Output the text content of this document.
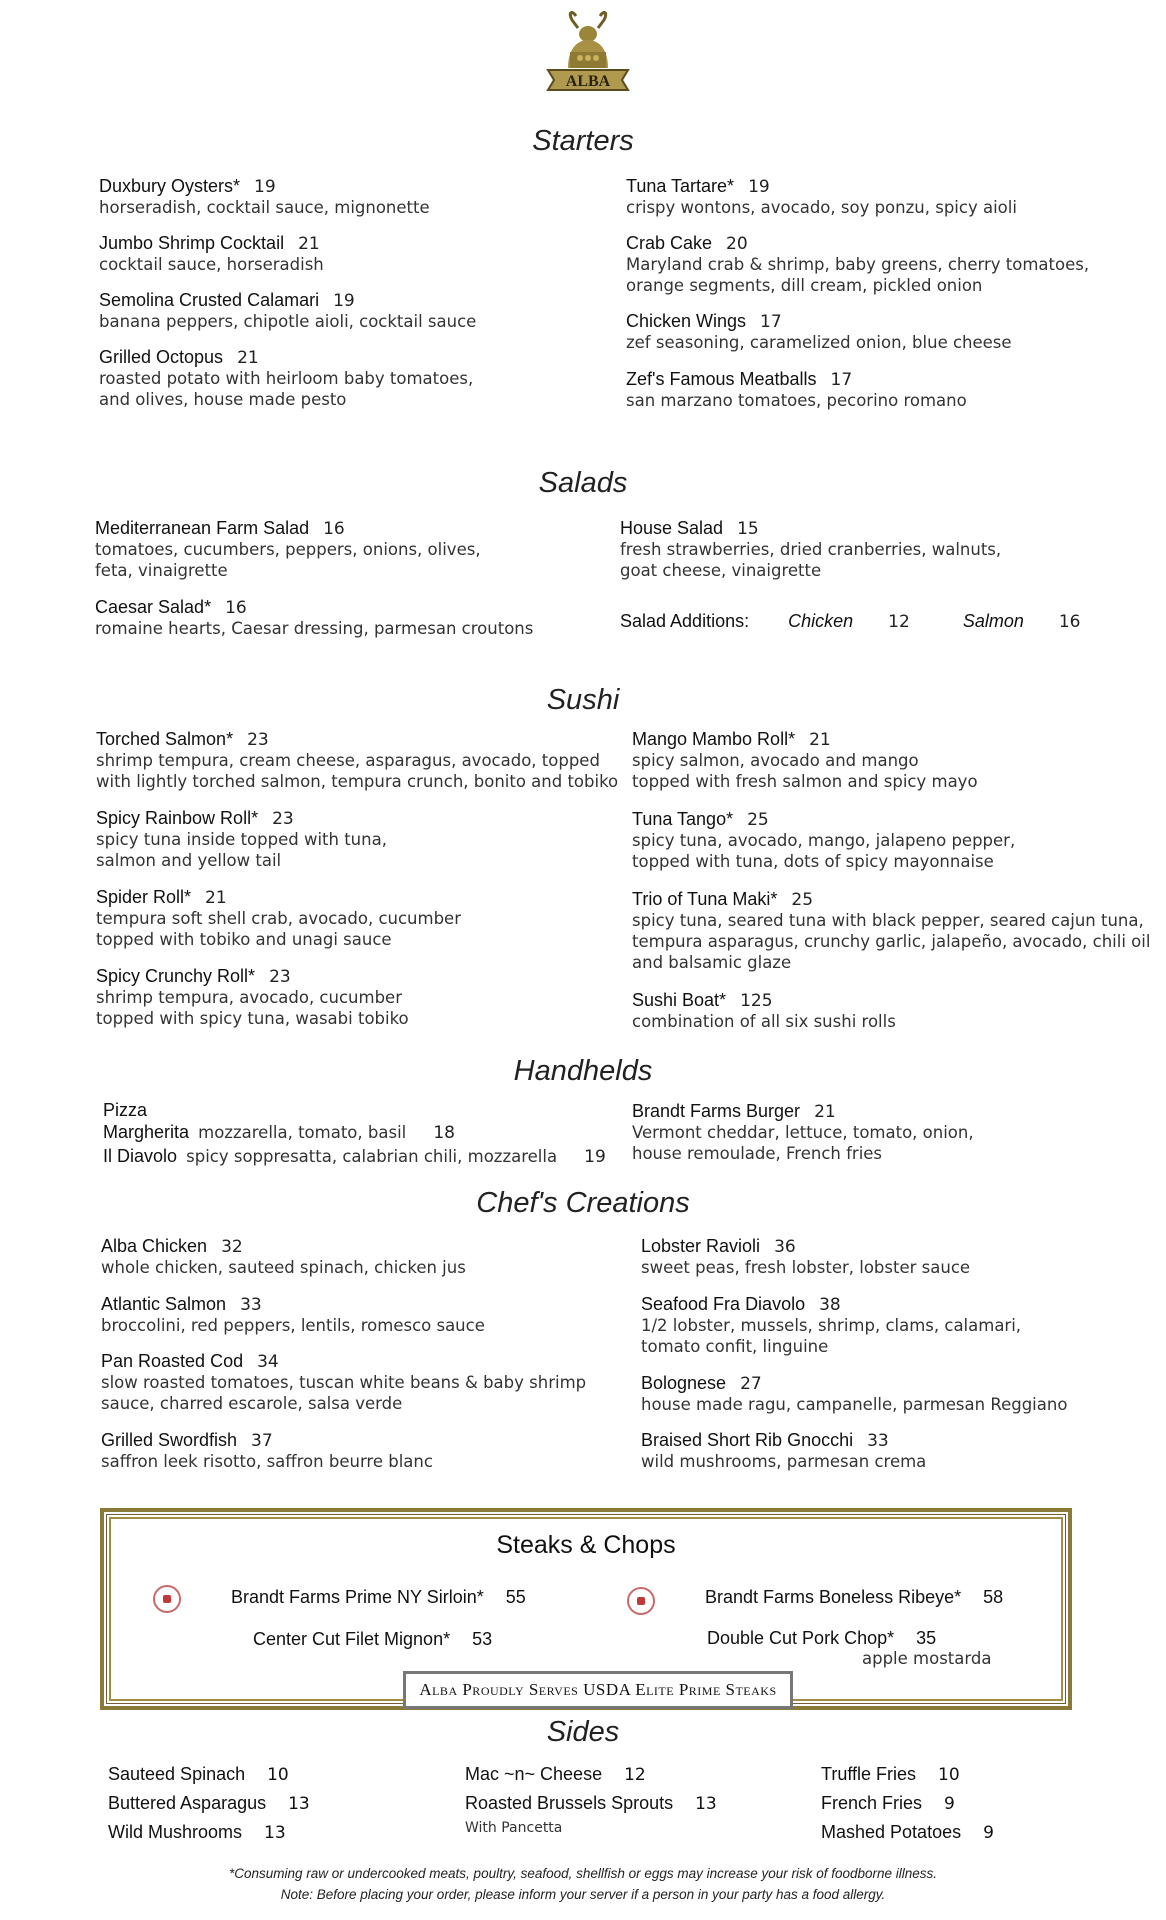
ALBA
Starters
Duxbury Oysters* 19
horseradish, cocktail sauce, mignonette
Jumbo Shrimp Cocktail 21
cocktail sauce, horseradish
Semolina Crusted Calamari 19
banana peppers, chipotle aioli, cocktail sauce
Grilled Octopus 21
roasted potato with heirloom baby tomatoes,
and olives, house made pesto
Tuna Tartare* 19
crispy wontons, avocado, soy ponzu, spicy aioli
Crab Cake 20
Maryland crab & shrimp, baby greens, cherry tomatoes,
orange segments, dill cream, pickled onion
Chicken Wings 17
zef seasoning, caramelized onion, blue cheese
Zef's Famous Meatballs 17
san marzano tomatoes, pecorino romano
Salads
Mediterranean Farm Salad 16
tomatoes, cucumbers, peppers, onions, olives,
feta, vinaigrette
Caesar Salad* 16
romaine hearts, Caesar dressing, parmesan croutons
House Salad 15
fresh strawberries, dried cranberries, walnuts,
goat cheese, vinaigrette
Salad Additions: Chicken 12	Salmon 16
Sushi
Torched Salmon* 23
shrimp tempura, cream cheese, asparagus, avocado, topped
with lightly torched salmon, tempura crunch, bonito and tobiko
Spicy Rainbow Roll* 23
spicy tuna inside topped with tuna,
salmon and yellow tail
Spider Roll* 21
tempura soft shell crab, avocado, cucumber
topped with tobiko and unagi sauce
Spicy Crunchy Roll* 23
shrimp tempura, avocado, cucumber
topped with spicy tuna, wasabi tobiko
Mango Mambo Roll* 21
spicy salmon, avocado and mango
topped with fresh salmon and spicy mayo
Tuna Tango* 25
spicy tuna, avocado, mango, jalapeno pepper,
topped with tuna, dots of spicy mayonnaise
Trio of Tuna Maki* 25
spicy tuna, seared tuna with black pepper, seared cajun tuna,
tempura asparagus, crunchy garlic, jalapeño, avocado, chili oil
and balsamic glaze
Sushi Boat* 125
combination of all six sushi rolls
Handhelds
Pizza
Margherita mozzarella, tomato, basil 18
Il Diavolo spicy soppresatta, calabrian chili, mozzarella 19
Brandt Farms Burger 21
Vermont cheddar, lettuce, tomato, onion,
house remoulade, French fries
Chef's Creations
Alba Chicken 32
whole chicken, sauteed spinach, chicken jus
Atlantic Salmon 33
broccolini, red peppers, lentils, romesco sauce
Pan Roasted Cod 34
slow roasted tomatoes, tuscan white beans & baby shrimp
sauce, charred escarole, salsa verde
Grilled Swordfish 37
saffron leek risotto, saffron beurre blanc
Lobster Ravioli 36
sweet peas, fresh lobster, lobster sauce
Seafood Fra Diavolo 38
1/2 lobster, mussels, shrimp, clams, calamari,
tomato confit, linguine
Bolognese 27
house made ragu, campanelle, parmesan Reggiano
Braised Short Rib Gnocchi 33
wild mushrooms, parmesan crema
Steaks & Chops
Brandt Farms Prime NY Sirloin* 55
Center Cut Filet Mignon* 53
Brandt Farms Boneless Ribeye* 58
Double Cut Pork Chop* 35
apple mostarda
Alba Proudly Serves USDA Elite Prime Steaks
Sides
Sauteed Spinach 10
Buttered Asparagus 13
Wild Mushrooms 13
Mac ~n~ Cheese 12
Roasted Brussels Sprouts 13
With Pancetta
Truffle Fries 10
French Fries 9
Mashed Potatoes 9
*Consuming raw or undercooked meats, poultry, seafood, shellfish or eggs may increase your risk of foodborne illness.
Note: Before placing your order, please inform your server if a person in your party has a food allergy.
